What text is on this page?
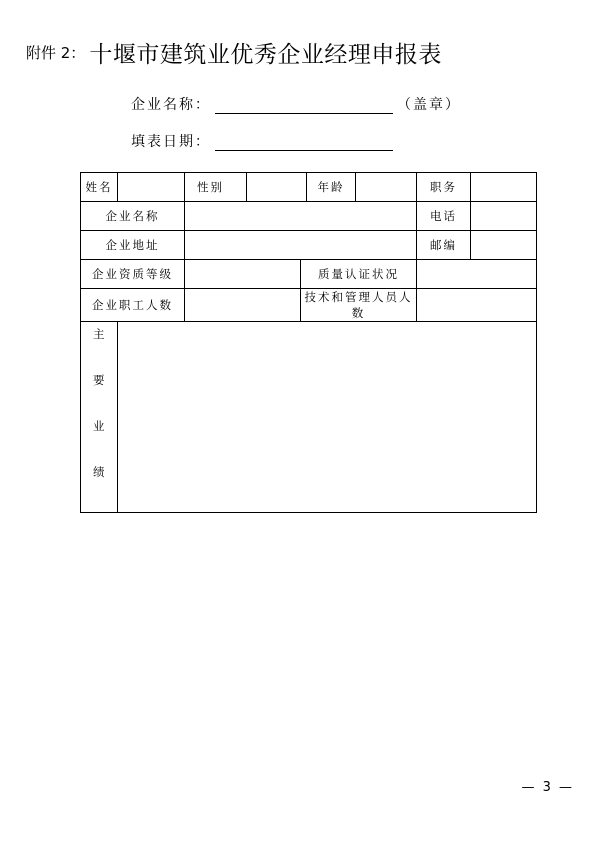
附件 2： 十堰市建筑业优秀企业经理申报表
企业名称：	（盖章）
填表日期：
姓名		性别			年龄		职务	
企业名称							电话	
企业地址							邮编	
企业资质等级				质量认证状况				
企业职工人数				技术和管理人员人数				

主
要
业
绩								

— 3 —
